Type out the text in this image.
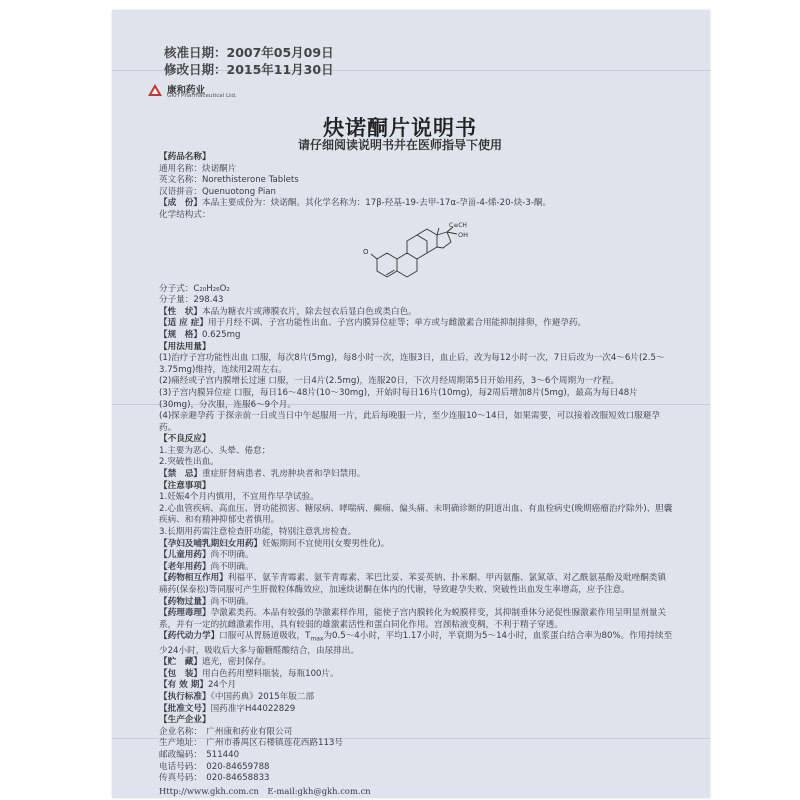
核准日期：2007年05月09日
修改日期：2015年11月30日
康和药业
GKH Pharmaceutical Ltd.
炔诺酮片说明书
请仔细阅读说明书并在医师指导下使用
【药品名称】
通用名称：炔诺酮片
英文名称：Norethisterone Tablets
汉语拼音：Quenuotong Pian
【成　份】本品主要成份为：炔诺酮。其化学名称为：17β-羟基-19-去甲-17α-孕甾-4-烯-20-炔-3-酮。
化学结构式：
O
OH
C≡CH
分子式：C₂₀H₂₆O₂
分子量：298.43
【性　状】本品为糖衣片或薄膜衣片，除去包衣后显白色或类白色。
【适 应 症】用于月经不调、子宫功能性出血、子宫内膜异位症等；单方或与雌激素合用能抑制排卵，作避孕药。
【规　格】0.625mg
【用法用量】
(1)治疗子宫功能性出血 口服，每次8片(5mg)，每8小时一次，连服3日，血止后，改为每12小时一次，7日后改为一次4～6片(2.5～3.75mg)维持，连续用2周左右。
(2)痛经或子宫内膜增长过速 口服，一日4片(2.5mg)，连服20日，下次月经周期第5日开始用药，3～6个周期为一疗程。
(3)子宫内膜异位症 口服，每日16～48片(10～30mg)，开始时每日16片(10mg)，每2周后增加8片(5mg)，最高为每日48片(30mg)，分次服，连服6～9个月。
(4)探亲避孕药 于探亲前一日或当日中午起服用一片，此后每晚服一片，至少连服10～14日，如果需要，可以接着改服短效口服避孕药。
【不良反应】
1.主要为恶心、头晕、倦怠；
2.突破性出血。
【禁　忌】重症肝肾病患者、乳房肿块者和孕妇禁用。
【注意事项】
1.妊娠4个月内慎用，不宜用作早孕试验。
2.心血管疾病、高血压、肾功能损害、糖尿病、哮喘病、癫痫、偏头痛、未明确诊断的阴道出血、有血栓病史(晚期癌瘤治疗除外)、胆囊疾病、和有精神抑郁史者慎用。
3.长期用药需注意检查肝功能，特别注意乳房检查。
【孕妇及哺乳期妇女用药】妊娠期间不宜使用(女婴男性化)。
【儿童用药】尚不明确。
【老年用药】尚不明确。
【药物相互作用】利福平、氨苄青霉素、氨苄青霉素、苯巴比妥、苯妥英钠、扑米酮、甲丙氨酯、氯氮䓬、对乙酰氨基酚及吡唑酮类镇痛药(保泰松)等同服可产生肝微粒体酶效应，加速炔诺酮在体内的代谢，导致避孕失败、突破性出血发生率增高，应予注意。
【药物过量】尚不明确。
【药理毒理】孕激素类药。本品有较强的孕激素样作用，能使子宫内膜转化为蜕膜样变，其抑制垂体分泌促性腺激素作用呈明显剂量关系，并有一定的抗雌激素作用，具有较弱的雄激素活性和蛋白同化作用。宫颈粘液变稠，不利于精子穿透。
【药代动力学】口服可从胃肠道吸收，$T_{max}$为0.5～4小时，平均1.17小时，半衰期为5～14小时，血浆蛋白结合率为80%。作用持续至少24小时，吸收后大多与葡糖醛酸结合，由尿排出。
【贮　藏】遮光，密封保存。
【包　装】用白色药用塑料瓶装，每瓶100片。
【有 效 期】24个月
【执行标准】《中国药典》2015年版二部
【批准文号】国药准字H44022829
【生产企业】
企业名称：　广州康和药业有限公司
生产地址：　广州市番禺区石楼镇莲花西路113号
邮政编码：　511440
电话号码：　020-84659788
传真号码：　020-84658833
Http://www.gkh.com.cn　E-mail:gkh@gkh.com.cn
